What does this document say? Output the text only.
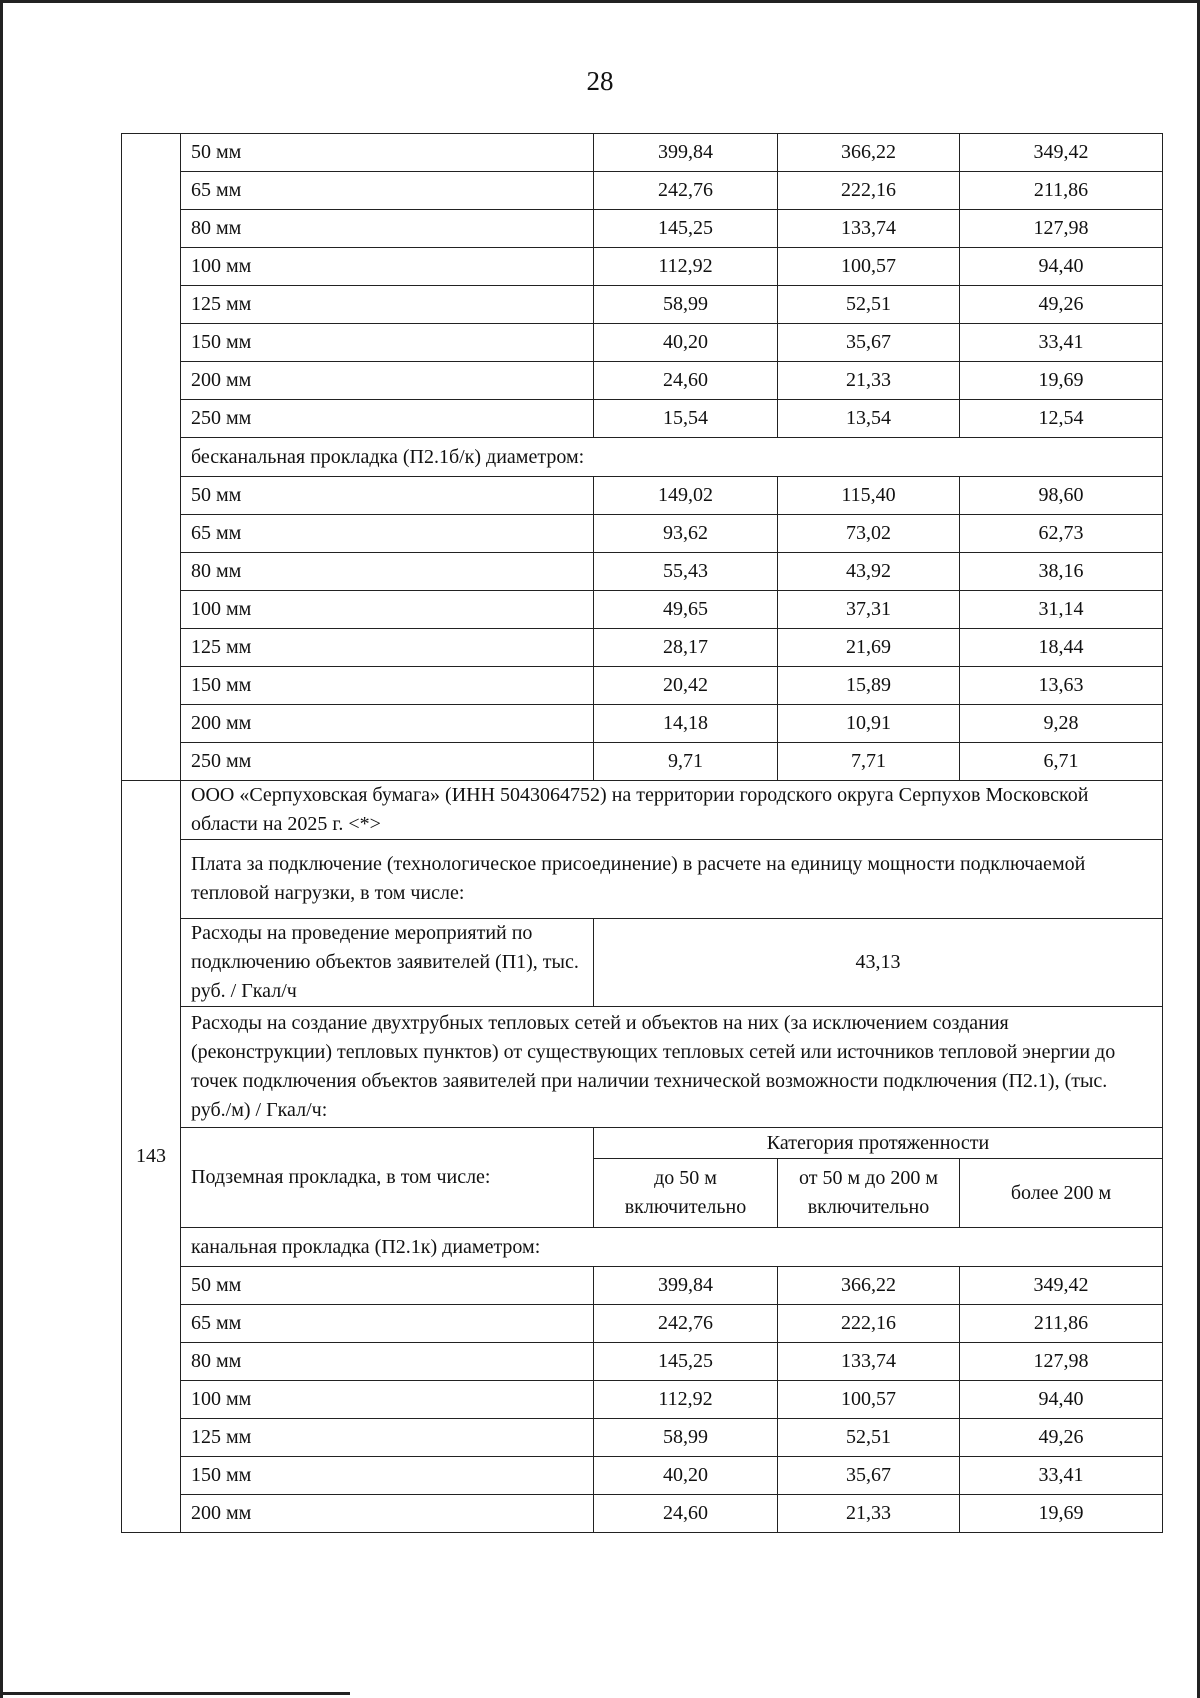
28
	50 мм	399,84	366,22	349,42
	65 мм	242,76	222,16	211,86
	80 мм	145,25	133,74	127,98
	100 мм	112,92	100,57	94,40
	125 мм	58,99	52,51	49,26
	150 мм	40,20	35,67	33,41
	200 мм	24,60	21,33	19,69
	250 мм	15,54	13,54	12,54
	бесканальная прокладка (П2.1б/к) диаметром:			
	50 мм	149,02	115,40	98,60
	65 мм	93,62	73,02	62,73
	80 мм	55,43	43,92	38,16
	100 мм	49,65	37,31	31,14
	125 мм	28,17	21,69	18,44
	150 мм	20,42	15,89	13,63
	200 мм	14,18	10,91	9,28
	250 мм	9,71	7,71	6,71
143	ООО «Серпуховская бумага» (ИНН 5043064752) на территории городского округа Серпухов Московской области на 2025 г. <*>			
	Плата за подключение (технологическое присоединение) в расчете на единицу мощности подключаемой тепловой нагрузки, в том числе:			
	Расходы на проведение мероприятий по подключению объектов заявителей (П1), тыс. руб. / Гкал/ч	43,13		
	Расходы на создание двухтрубных тепловых сетей и объектов на них (за исключением создания (реконструкции) тепловых пунктов) от существующих тепловых сетей или источников тепловой энергии до точек подключения объектов заявителей при наличии технической возможности подключения (П2.1), (тыс. руб./м) / Гкал/ч:			
	Подземная прокладка, в том числе:	Категория протяженности		
		до 50 м включительно	от 50 м до 200 м включительно	более 200 м
	канальная прокладка (П2.1к) диаметром:			
	50 мм	399,84	366,22	349,42
	65 мм	242,76	222,16	211,86
	80 мм	145,25	133,74	127,98
	100 мм	112,92	100,57	94,40
	125 мм	58,99	52,51	49,26
	150 мм	40,20	35,67	33,41
	200 мм	24,60	21,33	19,69
